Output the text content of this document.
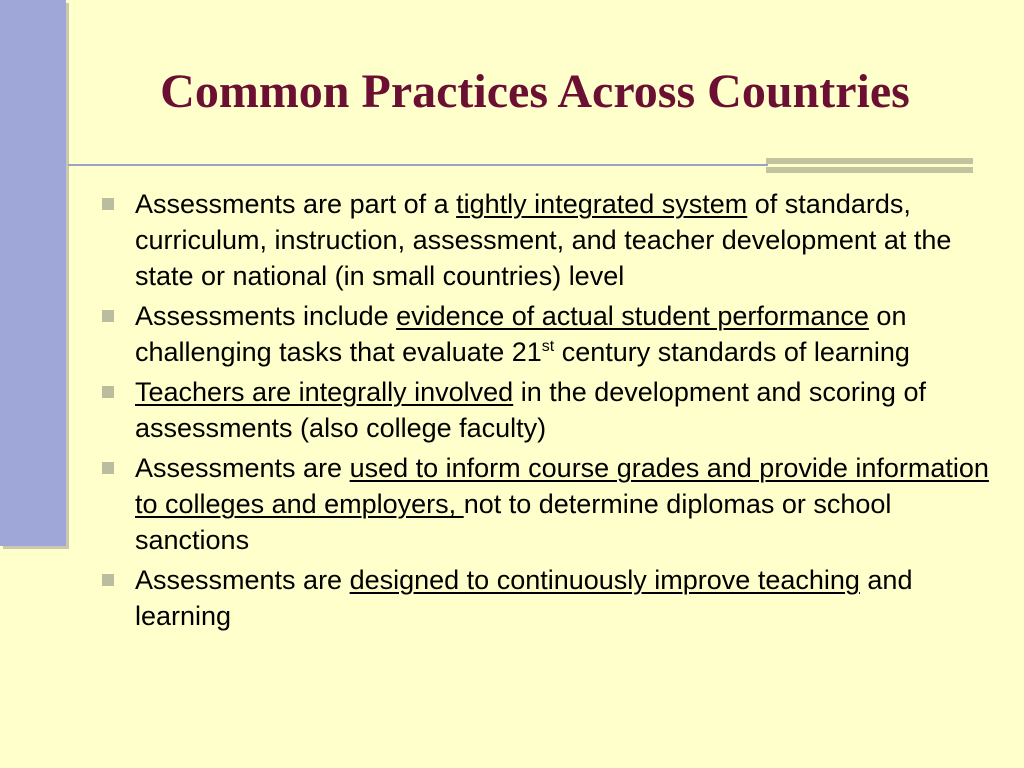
Common Practices Across Countries
Assessments are part of a tightly integrated system of standards, curriculum, instruction, assessment, and teacher development at the state or national (in small countries) level
Assessments include evidence of actual student performance on challenging tasks that evaluate 21st century standards of learning
Teachers are integrally involved in the development and scoring of assessments (also college faculty)
Assessments are used to inform course grades and provide information to colleges and employers, not to determine diplomas or school sanctions
Assessments are designed to continuously improve teaching and learning
